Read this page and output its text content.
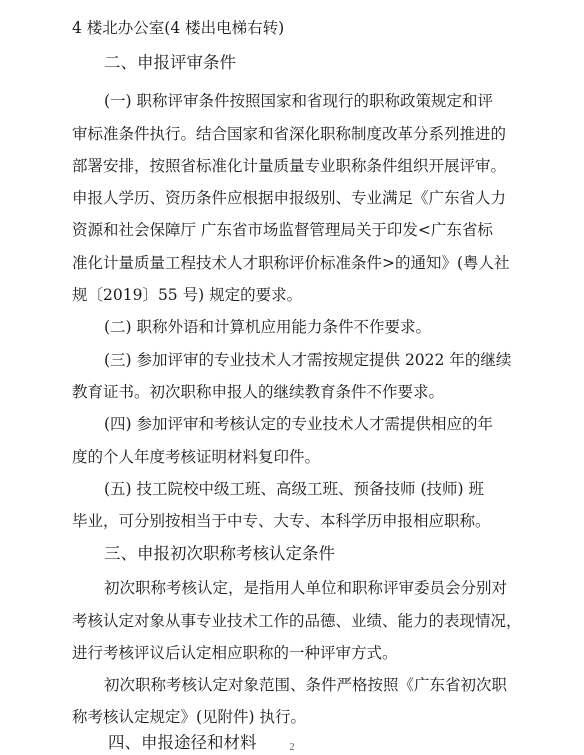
4 楼北办公室(4 楼出电梯右转)
二、申报评审条件
(一) 职称评审条件按照国家和省现行的职称政策规定和评
审标准条件执行。结合国家和省深化职称制度改革分系列推进的
部署安排，按照省标准化计量质量专业职称条件组织开展评审。
申报人学历、资历条件应根据申报级别、专业满足《广东省人力
资源和社会保障厅 广东省市场监督管理局关于印发<广东省标
准化计量质量工程技术人才职称评价标准条件>的通知》(粤人社
规〔2019〕55 号) 规定的要求。
(二) 职称外语和计算机应用能力条件不作要求。
(三) 参加评审的专业技术人才需按规定提供 2022 年的继续
教育证书。初次职称申报人的继续教育条件不作要求。
(四) 参加评审和考核认定的专业技术人才需提供相应的年
度的个人年度考核证明材料复印件。
(五) 技工院校中级工班、高级工班、预备技师 (技师) 班
毕业，可分别按相当于中专、大专、本科学历申报相应职称。
三、申报初次职称考核认定条件
初次职称考核认定，是指用人单位和职称评审委员会分别对
考核认定对象从事专业技术工作的品德、业绩、能力的表现情况，
进行考核评议后认定相应职称的一种评审方式。
初次职称考核认定对象范围、条件严格按照《广东省初次职
称考核认定规定》(见附件) 执行。
四、申报途径和材料	2
